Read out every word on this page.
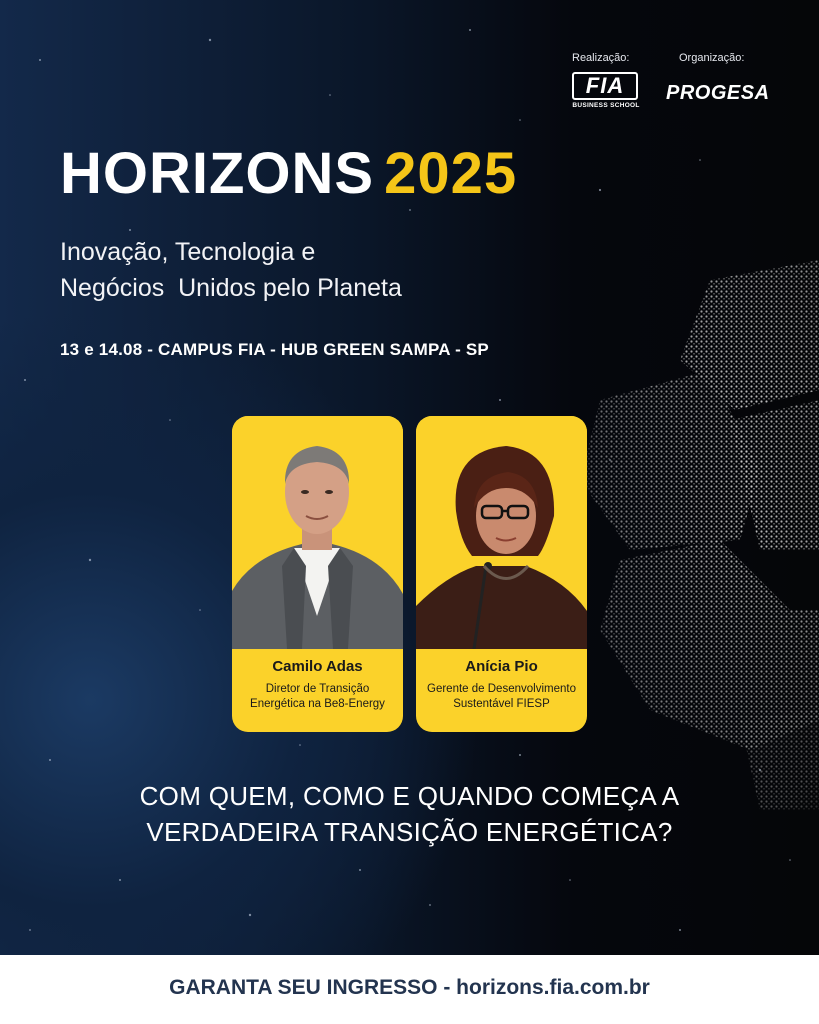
Realização:	Organização:
FIA
BUSINESS SCHOOL
PROGESA
HORIZONS 2025
Inovação, Tecnologia e
Negócios  Unidos pelo Planeta
13 e 14.08 - CAMPUS FIA - HUB GREEN SAMPA - SP

Camilo Adas
Diretor de Transição Energética na Be8-Energy
Anícia Pio
Gerente de Desenvolvimento Sustentável FIESP
COM QUEM, COMO E QUANDO COMEÇA A
VERDADEIRA TRANSIÇÃO ENERGÉTICA?
GARANTA SEU INGRESSO - horizons.fia.com.br
